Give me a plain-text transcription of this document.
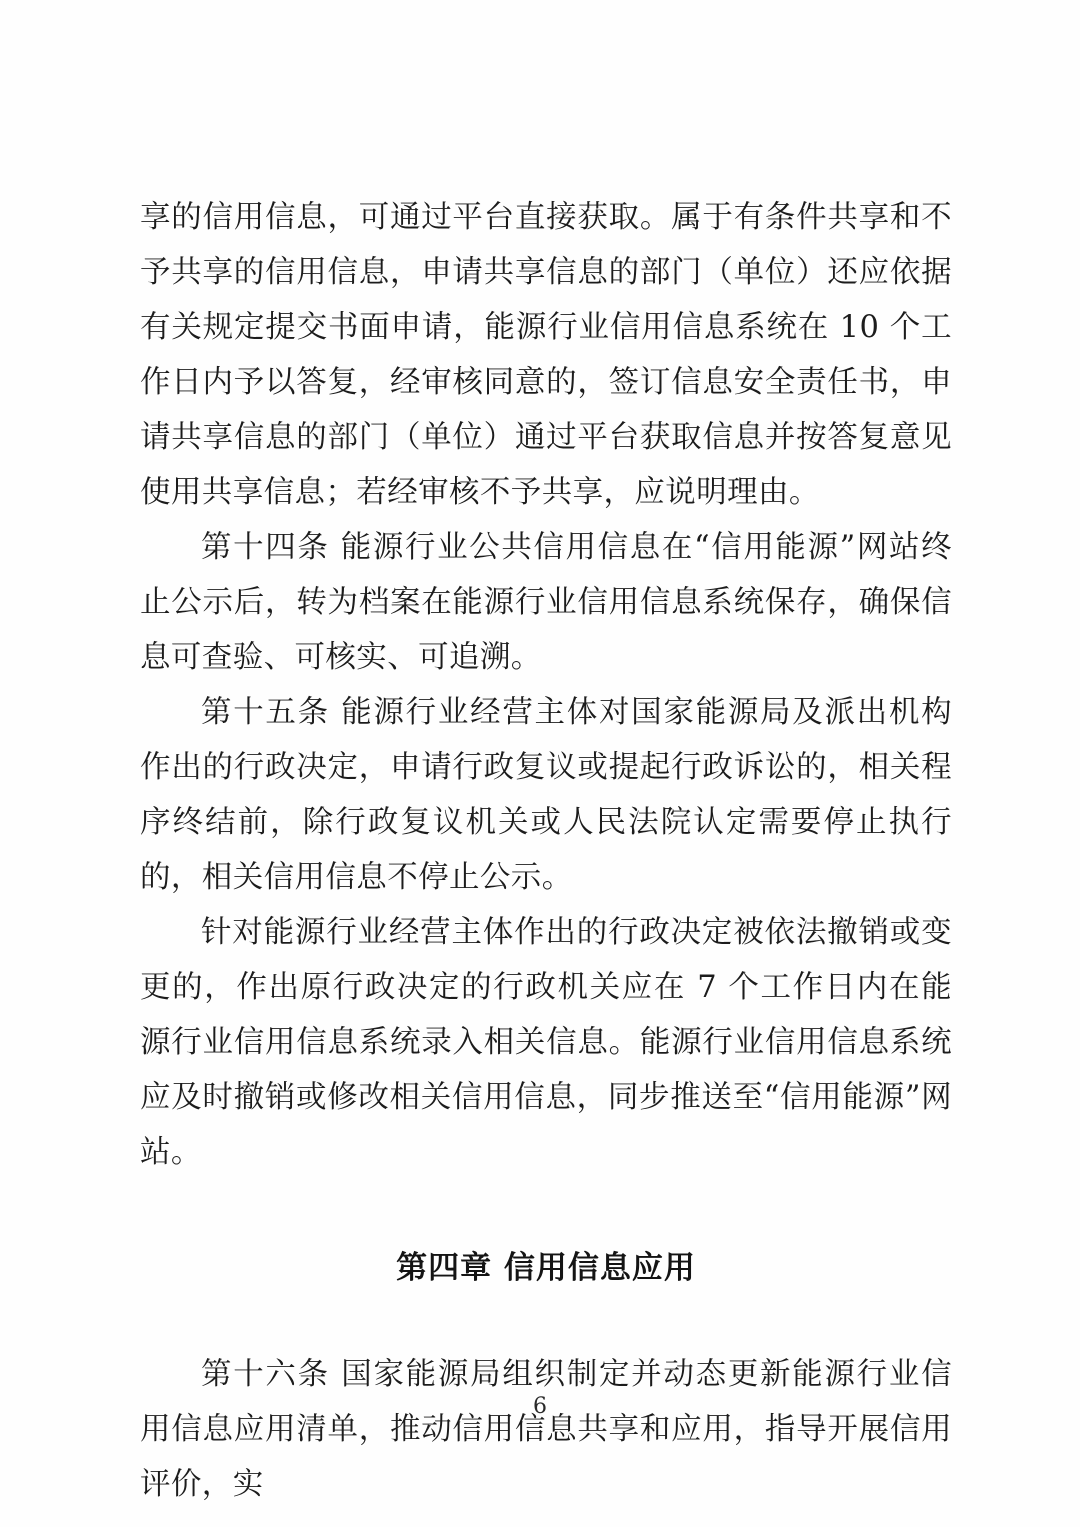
享的信用信息，可通过平台直接获取。属于有条件共享和不予共享的信用信息，申请共享信息的部门（单位）还应依据有关规定提交书面申请，能源行业信用信息系统在 10 个工作日内予以答复，经审核同意的，签订信息安全责任书，申请共享信息的部门（单位）通过平台获取信息并按答复意见使用共享信息；若经审核不予共享，应说明理由。

第十四条 能源行业公共信用信息在“信用能源”网站终止公示后，转为档案在能源行业信用信息系统保存，确保信息可查验、可核实、可追溯。

第十五条 能源行业经营主体对国家能源局及派出机构作出的行政决定，申请行政复议或提起行政诉讼的，相关程序终结前，除行政复议机关或人民法院认定需要停止执行的，相关信用信息不停止公示。

针对能源行业经营主体作出的行政决定被依法撤销或变更的，作出原行政决定的行政机关应在 7 个工作日内在能源行业信用信息系统录入相关信息。能源行业信用信息系统应及时撤销或修改相关信用信息，同步推送至“信用能源”网站。

第四章 信用信息应用

第十六条 国家能源局组织制定并动态更新能源行业信用信息应用清单，推动信用信息共享和应用，指导开展信用评价，实

6
